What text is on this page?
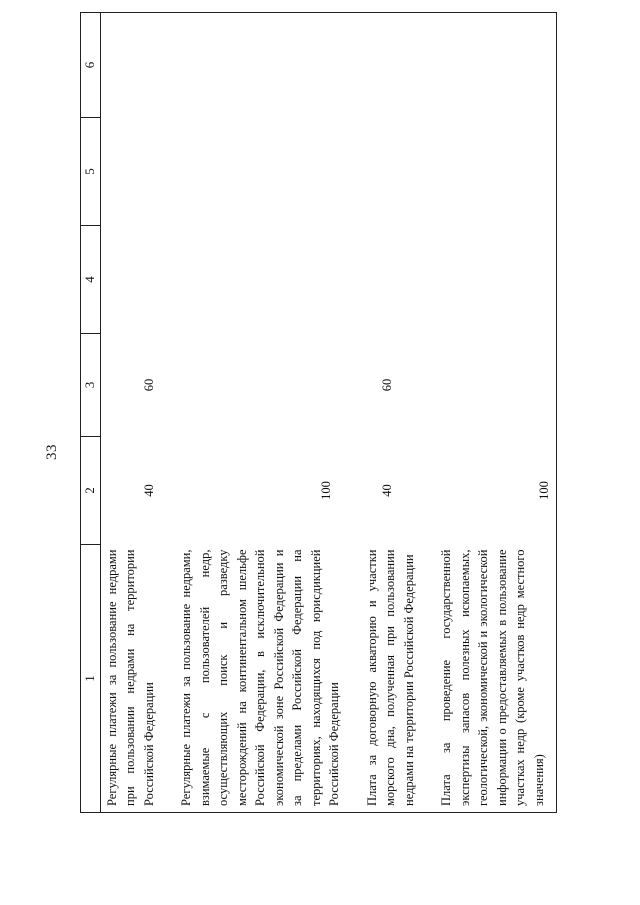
33
1	2	3	4	5	6

Регулярные платежи за пользование недрами при пользовании недрами на территории Российской Федерации	40	60			

Регулярные платежи за пользование недрами, взимаемые с пользователей недр, осуществляющих поиск и разведку месторождений на континентальном шельфе Российской Федерации, в исключительной экономической зоне Российской Федерации и за пределами Российской Федерации на территориях, находящихся под юрисдикцией Российской Федерации	100				

Плата за договорную акваторию и участки морского дна, полученная при пользовании недрами на территории Российской Федерации	40	60			

Плата за проведение государственной экспертизы запасов полезных ископаемых, геологической, экономической и экологической информации о предоставляемых в пользование участках недр (кроме участков недр местного значения)	100				
